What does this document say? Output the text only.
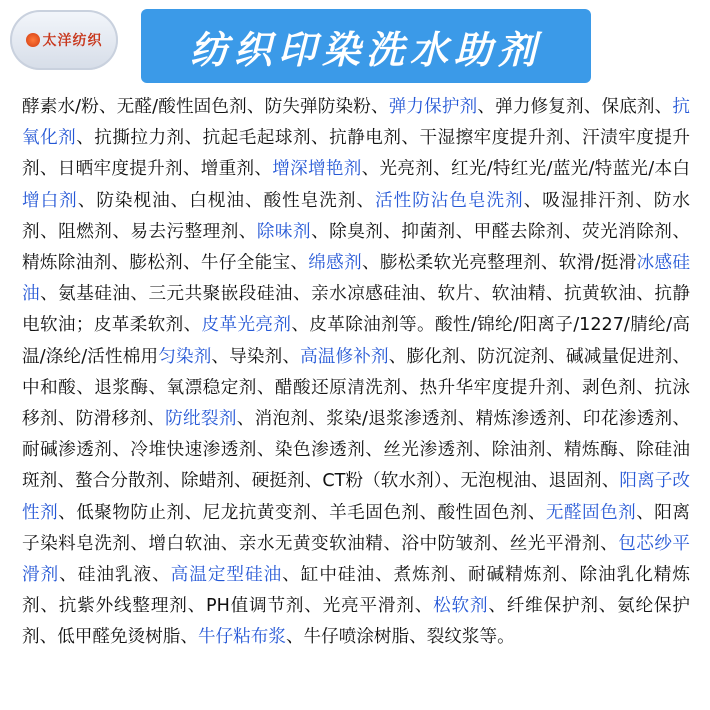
太洋纺织	纺织印染洗水助剂
酵素水/粉、无醛/酸性固色剂、防失弹防染粉、弹力保护剂、弹力修复剂、保底剂、抗氧化剂、抗撕拉力剂、抗起毛起球剂、抗静电剂、干湿擦牢度提升剂、汗渍牢度提升剂、日晒牢度提升剂、增重剂、增深增艳剂、光亮剂、红光/特红光/蓝光/特蓝光/本白增白剂、防染枧油、白枧油、酸性皂洗剂、活性防沾色皂洗剂、吸湿排汗剂、防水剂、阻燃剂、易去污整理剂、除味剂、除臭剂、抑菌剂、甲醛去除剂、荧光消除剂、精炼除油剂、膨松剂、牛仔全能宝、绵感剂、膨松柔软光亮整理剂、软滑/挺滑冰感硅油、氨基硅油、三元共聚嵌段硅油、亲水凉感硅油、软片、软油精、抗黄软油、抗静电软油；皮革柔软剂、皮革光亮剂、皮革除油剂等。酸性/锦纶/阳离子/1227/腈纶/高温/涤纶/活性棉用匀染剂、导染剂、高温修补剂、膨化剂、防沉淀剂、碱减量促进剂、中和酸、退浆酶、氧漂稳定剂、醋酸还原清洗剂、热升华牢度提升剂、剥色剂、抗泳移剂、防滑移剂、防纰裂剂、消泡剂、浆染/退浆渗透剂、精炼渗透剂、印花渗透剂、耐碱渗透剂、冷堆快速渗透剂、染色渗透剂、丝光渗透剂、除油剂、精炼酶、除硅油斑剂、螯合分散剂、除蜡剂、硬挺剂、CT粉（软水剂）、无泡枧油、退固剂、阳离子改性剂、低聚物防止剂、尼龙抗黄变剂、羊毛固色剂、酸性固色剂、无醛固色剂、阳离子染料皂洗剂、增白软油、亲水无黄变软油精、浴中防皱剂、丝光平滑剂、包芯纱平滑剂、硅油乳液、高温定型硅油、缸中硅油、煮炼剂、耐碱精炼剂、除油乳化精炼剂、抗紫外线整理剂、PH值调节剂、光亮平滑剂、松软剂、纤维保护剂、氨纶保护剂、低甲醛免烫树脂、牛仔粘布浆、牛仔喷涂树脂、裂纹浆等。
